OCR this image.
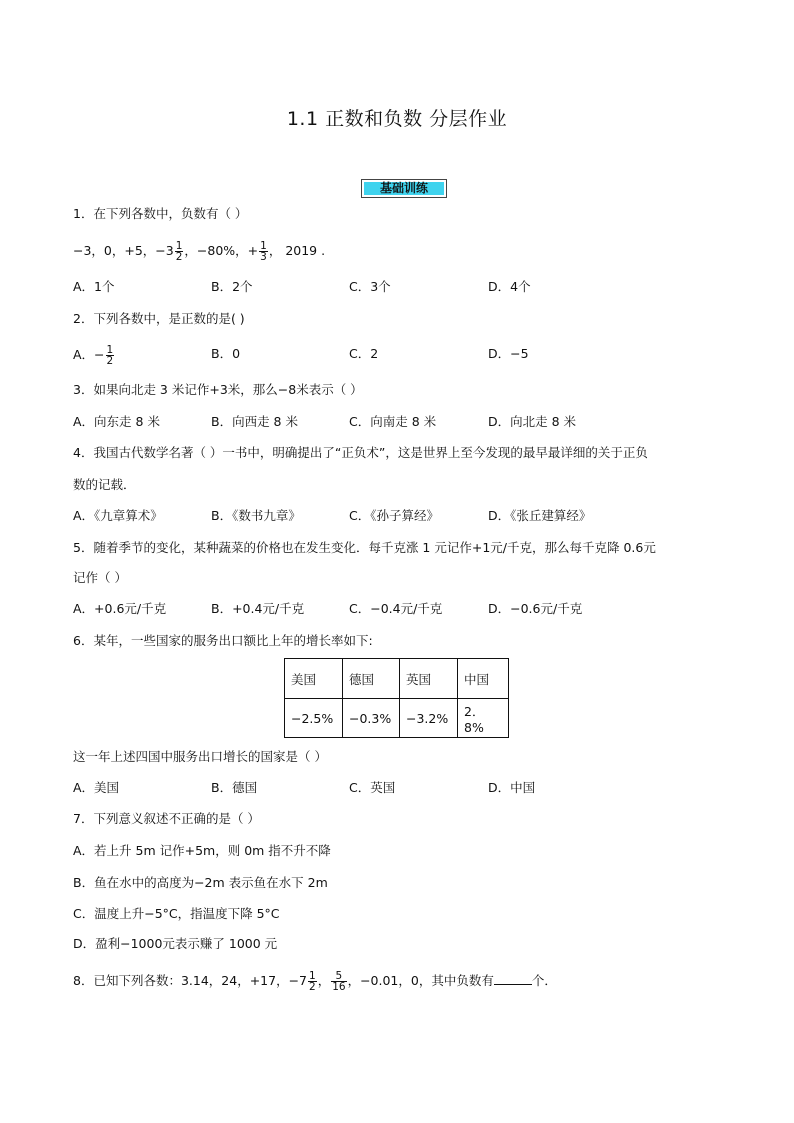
1.1 正数和负数 分层作业
基础训练
1．在下列各数中，负数有（ ）
−3，0，+5，$-3 \frac{1}{2}$ ，−80%，+ $\frac{1}{3}$ ， 2019 .
A．1个	B．2个	C．3个	D．4个
2．下列各数中，是正数的是( )
A．− $\frac{1}{2}$	B．0	C．2	D．−5
3．如果向北走 3 米记作+3米，那么−8米表示（ ）
A．向东走 8 米	B．向西走 8 米	C．向南走 8 米	D．向北走 8 米
4．我国古代数学名著（ ）一书中，明确提出了“正负术”，这是世界上至今发现的最早最详细的关于正负
数的记载．
A．《九章算术》	B．《数书九章》	C．《孙子算经》	D．《张丘建算经》
5．随着季节的变化，某种蔬菜的价格也在发生变化．每千克涨 1 元记作+1元/千克，那么每千克降 0.6元
记作（ ）
A．+0.6元/千克	B．+0.4元/千克	C．−0.4元/千克	D．−0.6元/千克
6．某年，一些国家的服务出口额比上年的增长率如下:
美国	德国	英国	中国
−2.5%	−0.3%	−3.2%	2．8%
这一年上述四国中服务出口增长的国家是（ ）
A．美国	B．德国	C．英国	D．中国
7．下列意义叙述不正确的是（ ）
A．若上升 5m 记作+5m，则 0m 指不升不降
B．鱼在水中的高度为−2m 表示鱼在水下 2m
C．温度上升−5°C，指温度下降 5°C
D．盈利−1000元表示赚了 1000 元
8．已知下列各数：3.14，24，+17，$-7 \frac{1}{2}$ ， $\frac{5}{16}$ ，−0.01，0，其中负数有	个．
